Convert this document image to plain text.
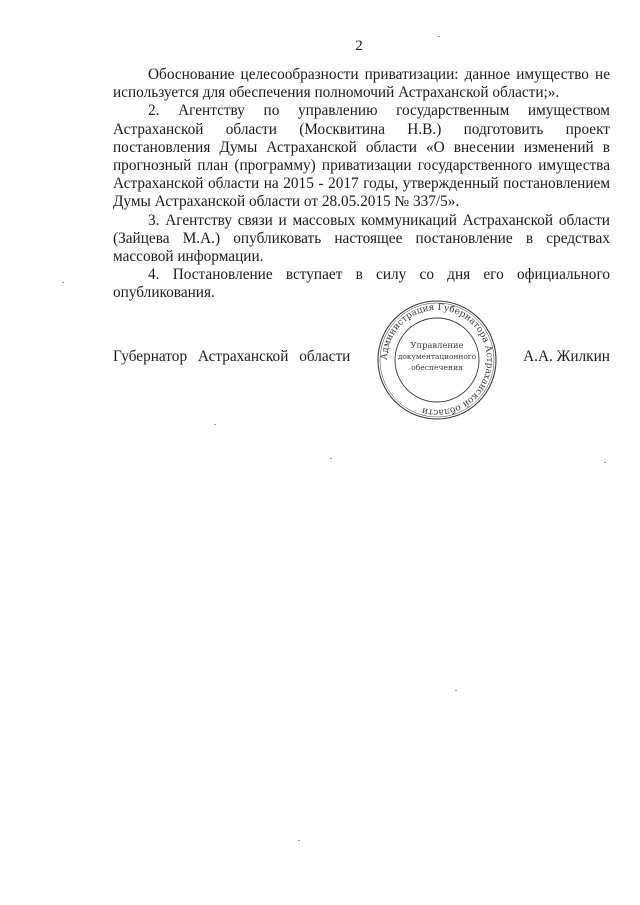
2

Обоснование целесообразности приватизации: данное имущество не используется для обеспечения полномочий Астраханской области;».

2. Агентству по управлению государственным имуществом Астраханской области (Москвитина Н.В.) подготовить проект постановления Думы Астраханской области «О внесении изменений в прогнозный план (программу) приватизации государственного имущества Астраханской области на 2015 - 2017 годы, утвержденный постановлением Думы Астраханской области от 28.05.2015 № 337/5».

3. Агентству связи и массовых коммуникаций Астраханской области (Зайцева М.А.) опубликовать настоящее постановление в средствах массовой информации.

4. Постановление вступает в силу со дня его официального опубликования.

Губернатор Астраханской области	А.А. Жилкин
Администрация Губернатора Астраханской области
Управление
документационного
обеспечения
